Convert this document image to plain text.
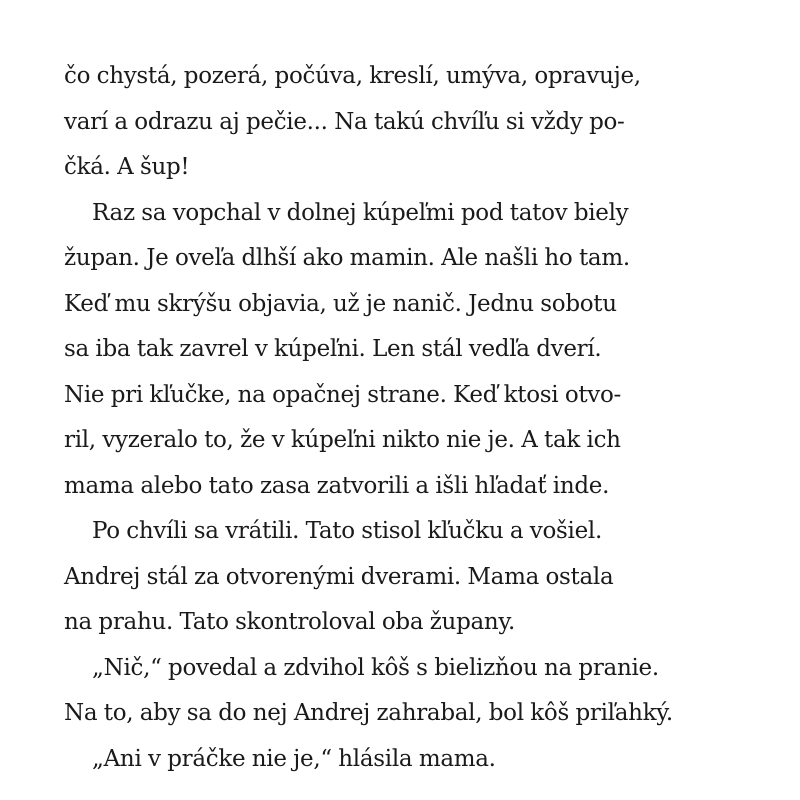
čo chystá, pozerá, počúva, kreslí, umýva, opravuje,
varí a odrazu aj pečie... Na takú chvíľu si vždy po-
čká. A šup!
Raz sa vopchal v dolnej kúpeľmi pod tatov biely
župan. Je oveľa dlhší ako mamin. Ale našli ho tam.
Keď mu skrýšu objavia, už je nanič. Jednu sobotu
sa iba tak zavrel v kúpeľni. Len stál vedľa dverí.
Nie pri kľučke, na opačnej strane. Keď ktosi otvo-
ril, vyzeralo to, že v kúpeľni nikto nie je. A tak ich
mama alebo tato zasa zatvorili a išli hľadať inde.
Po chvíli sa vrátili. Tato stisol kľučku a vošiel.
Andrej stál za otvorenými dverami. Mama ostala
na prahu. Tato skontroloval oba župany.
„Nič,“ povedal a zdvihol kôš s bielizňou na pranie.
Na to, aby sa do nej Andrej zahrabal, bol kôš priľahký.
„Ani v práčke nie je,“ hlásila mama.
